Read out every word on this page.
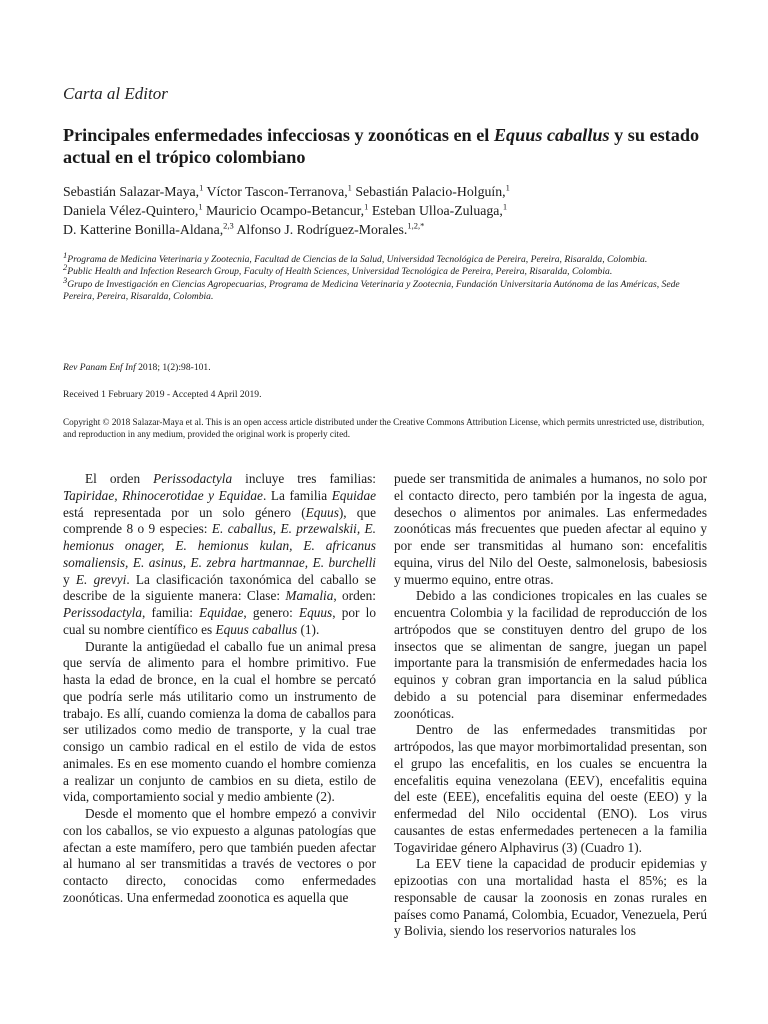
Carta al Editor
Principales enfermedades infecciosas y zoonóticas en el Equus caballus y su estado actual en el trópico colombiano
Sebastián Salazar-Maya,$^1$ Víctor Tascon-Terranova,$^1$ Sebastián Palacio-Holguín,$^1$
Daniela Vélez-Quintero,$^1$ Mauricio Ocampo-Betancur,$^1$ Esteban Ulloa-Zuluaga,$^1$
D. Katterine Bonilla-Aldana,$^{2,3}$ Alfonso J. Rodríguez-Morales.$^{1,2,*}$

$^1$Programa de Medicina Veterinaria y Zootecnia, Facultad de Ciencias de la Salud, Universidad Tecnológica de Pereira, Pereira, Risaralda, Colombia.

$^2$Public Health and Infection Research Group, Faculty of Health Sciences, Universidad Tecnológica de Pereira, Pereira, Risaralda, Colombia.

$^3$Grupo de Investigación en Ciencias Agropecuarias, Programa de Medicina Veterinaria y Zootecnia, Fundación Universitaria Autónoma de las Américas, Sede Pereira, Pereira, Risaralda, Colombia.

Rev Panam Enf Inf 2018; 1(2):98-101.
Received 1 February 2019 - Accepted 4 April 2019.
Copyright © 2018 Salazar-Maya et al. This is an open access article distributed under the Creative Commons Attribution License, which permits unrestricted use, distribution, and reproduction in any medium, provided the original work is properly cited.

El orden Perissodactyla incluye tres familias: Tapiridae, Rhinocerotidae y Equidae. La familia Equidae está representada por un solo género (Equus), que comprende 8 o 9 especies: E. caballus, E. przewalskii, E. hemionus onager, E. hemionus kulan, E. africanus somaliensis, E. asinus, E. zebra hartmannae, E. burchelli y E. grevyi. La clasificación taxonómica del caballo se describe de la siguiente manera: Clase: Mamalia, orden: Perissodactyla, familia: Equidae, genero: Equus, por lo cual su nombre científico es Equus caballus (1).

Durante la antigüedad el caballo fue un animal presa que servía de alimento para el hombre primitivo. Fue hasta la edad de bronce, en la cual el hombre se percató que podría serle más utilitario como un instrumento de trabajo. Es allí, cuando comienza la doma de caballos para ser utilizados como medio de transporte, y la cual trae consigo un cambio radical en el estilo de vida de estos animales. Es en ese momento cuando el hombre comienza a realizar un conjunto de cambios en su dieta, estilo de vida, comportamiento social y medio ambiente (2).

Desde el momento que el hombre empezó a convivir con los caballos, se vio expuesto a algunas patologías que afectan a este mamífero, pero que también pueden afectar al humano al ser transmitidas a través de vectores o por contacto directo, conocidas como enfermedades zoonóticas. Una enfermedad zoonotica es aquella que

puede ser transmitida de animales a humanos, no solo por el contacto directo, pero también por la ingesta de agua, desechos o alimentos por animales. Las enfermedades zoonóticas más frecuentes que pueden afectar al equino y por ende ser transmitidas al humano son: encefalitis equina, virus del Nilo del Oeste, salmonelosis, babesiosis y muermo equino, entre otras.

Debido a las condiciones tropicales en las cuales se encuentra Colombia y la facilidad de reproducción de los artrópodos que se constituyen dentro del grupo de los insectos que se alimentan de sangre, juegan un papel importante para la transmisión de enfermedades hacia los equinos y cobran gran importancia en la salud pública debido a su potencial para diseminar enfermedades zoonóticas.

Dentro de las enfermedades transmitidas por artrópodos, las que mayor morbimortalidad presentan, son el grupo las encefalitis, en los cuales se encuentra la encefalitis equina venezolana (EEV), encefalitis equina del este (EEE), encefalitis equina del oeste (EEO) y la enfermedad del Nilo occidental (ENO). Los virus causantes de estas enfermedades pertenecen a la familia Togaviridae género Alphavirus (3) (Cuadro 1).

La EEV tiene la capacidad de producir epidemias y epizootias con una mortalidad hasta el 85%; es la responsable de causar la zoonosis en zonas rurales en países como Panamá, Colombia, Ecuador, Venezuela, Perú y Bolivia, siendo los reservorios naturales los
